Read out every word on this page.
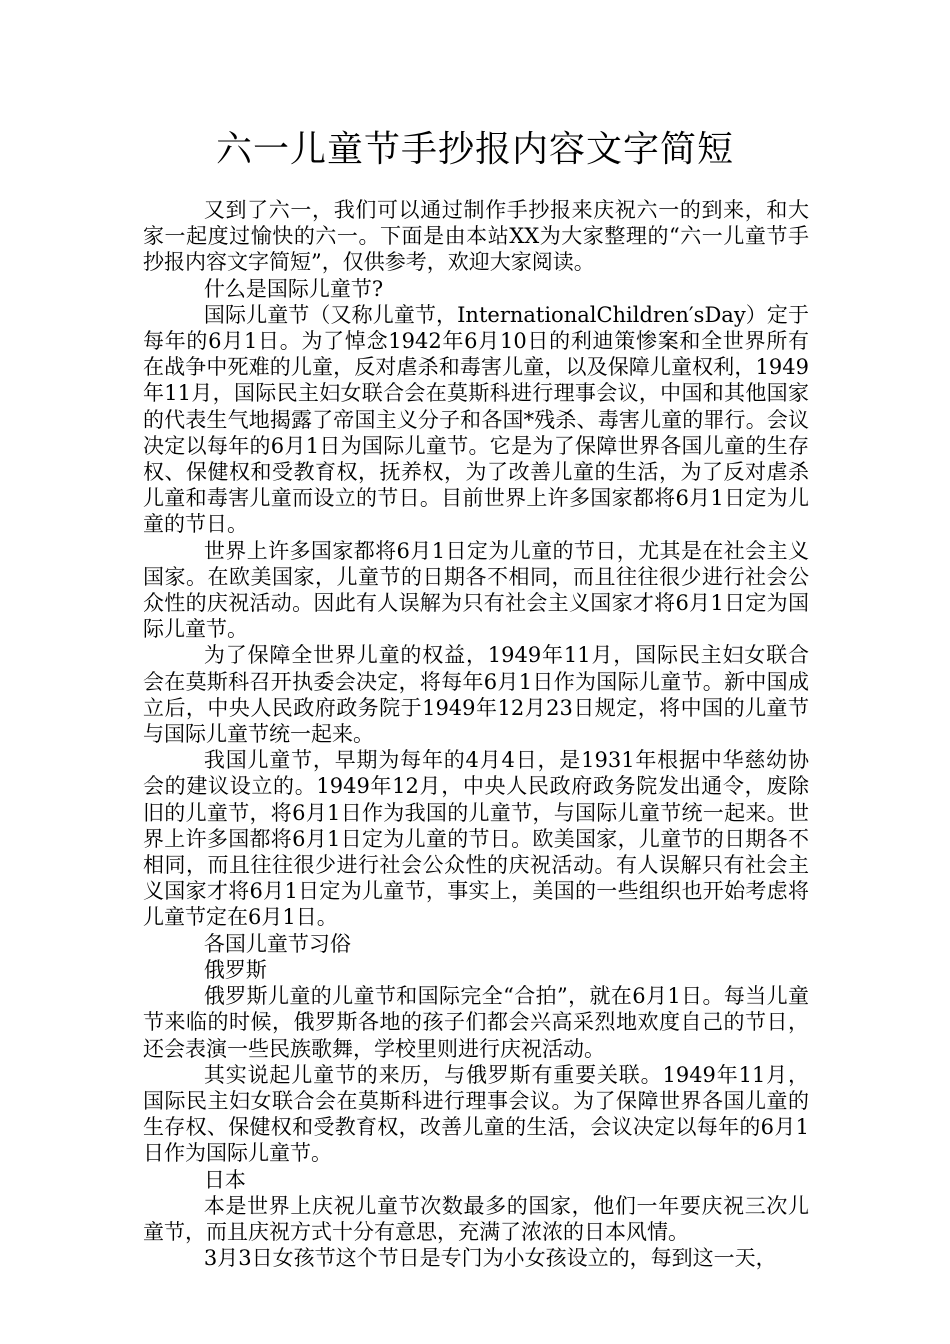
六一儿童节手抄报内容文字简短

又到了六一，我们可以通过制作手抄报来庆祝六一的到来，和大家一起度过愉快的六一。下面是由本站XX为大家整理的“六一儿童节手抄报内容文字简短”，仅供参考，欢迎大家阅读。

什么是国际儿童节?

国际儿童节（又称儿童节，InternationalChildren′sDay）定于每年的6月1日。为了悼念1942年6月10日的利迪策惨案和全世界所有在战争中死难的儿童，反对虐杀和毒害儿童，以及保障儿童权利，1949年11月，国际民主妇女联合会在莫斯科进行理事会议，中国和其他国家的代表生气地揭露了帝国主义分子和各国*残杀、毒害儿童的罪行。会议决定以每年的6月1日为国际儿童节。它是为了保障世界各国儿童的生存权、保健权和受教育权，抚养权，为了改善儿童的生活，为了反对虐杀儿童和毒害儿童而设立的节日。目前世界上许多国家都将6月1日定为儿童的节日。

世界上许多国家都将6月1日定为儿童的节日，尤其是在社会主义国家。在欧美国家，儿童节的日期各不相同，而且往往很少进行社会公众性的庆祝活动。因此有人误解为只有社会主义国家才将6月1日定为国际儿童节。

为了保障全世界儿童的权益，1949年11月，国际民主妇女联合会在莫斯科召开执委会决定，将每年6月1日作为国际儿童节。新中国成立后，中央人民政府政务院于1949年12月23日规定，将中国的儿童节与国际儿童节统一起来。

我国儿童节，早期为每年的4月4日，是1931年根据中华慈幼协会的建议设立的。1949年12月，中央人民政府政务院发出通令，废除旧的儿童节，将6月1日作为我国的儿童节，与国际儿童节统一起来。世界上许多国都将6月1日定为儿童的节日。欧美国家，儿童节的日期各不相同，而且往往很少进行社会公众性的庆祝活动。有人误解只有社会主义国家才将6月1日定为儿童节，事实上，美国的一些组织也开始考虑将儿童节定在6月1日。

各国儿童节习俗

俄罗斯

俄罗斯儿童的儿童节和国际完全“合拍”，就在6月1日。每当儿童节来临的时候，俄罗斯各地的孩子们都会兴高采烈地欢度自己的节日，还会表演一些民族歌舞，学校里则进行庆祝活动。

其实说起儿童节的来历，与俄罗斯有重要关联。1949年11月，国际民主妇女联合会在莫斯科进行理事会议。为了保障世界各国儿童的生存权、保健权和受教育权，改善儿童的生活，会议决定以每年的6月1日作为国际儿童节。

日本

本是世界上庆祝儿童节次数最多的国家，他们一年要庆祝三次儿童节，而且庆祝方式十分有意思，充满了浓浓的日本风情。

3月3日女孩节这个节日是专门为小女孩设立的，每到这一天，
